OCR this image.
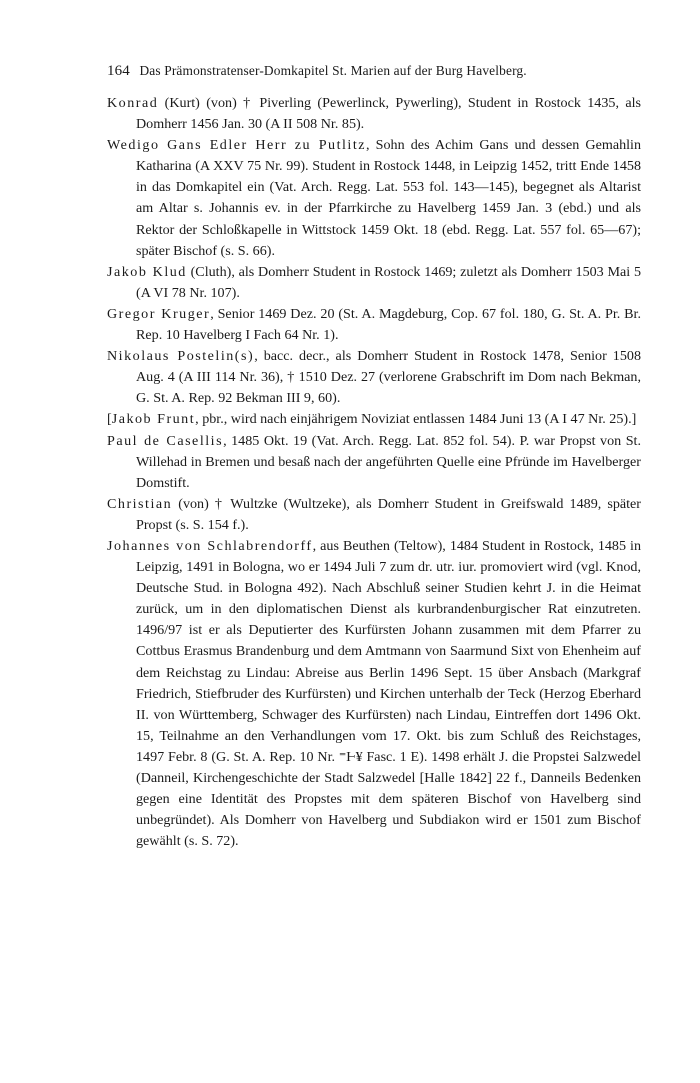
164 Das Prämonstratenser-Domkapitel St. Marien auf der Burg Havelberg.

Konrad (Kurt) (von) † Piverling (Pewerlinck, Pywerling), Student in Rostock 1435, als Domherr 1456 Jan. 30 (A II 508 Nr. 85).

Wedigo Gans Edler Herr zu Putlitz, Sohn des Achim Gans und dessen Gemahlin Katharina (A XXV 75 Nr. 99). Student in Rostock 1448, in Leipzig 1452, tritt Ende 1458 in das Domkapitel ein (Vat. Arch. Regg. Lat. 553 fol. 143—145), begegnet als Altarist am Altar s. Johannis ev. in der Pfarrkirche zu Havelberg 1459 Jan. 3 (ebd.) und als Rektor der Schloßkapelle in Wittstock 1459 Okt. 18 (ebd. Regg. Lat. 557 fol. 65—67); später Bischof (s. S. 66).

Jakob Klud (Cluth), als Domherr Student in Rostock 1469; zuletzt als Domherr 1503 Mai 5 (A VI 78 Nr. 107).

Gregor Kruger, Senior 1469 Dez. 20 (St. A. Magdeburg, Cop. 67 fol. 180, G. St. A. Pr. Br. Rep. 10 Havelberg I Fach 64 Nr. 1).

Nikolaus Postelin(s), bacc. decr., als Domherr Student in Rostock 1478, Senior 1508 Aug. 4 (A III 114 Nr. 36), † 1510 Dez. 27 (verlorene Grabschrift im Dom nach Bekman, G. St. A. Rep. 92 Bekman III 9, 60).

[Jakob Frunt, pbr., wird nach einjährigem Noviziat entlassen 1484 Juni 13 (A I 47 Nr. 25).]

Paul de Casellis, 1485 Okt. 19 (Vat. Arch. Regg. Lat. 852 fol. 54). P. war Propst von St. Willehad in Bremen und besaß nach der angeführten Quelle eine Pfründe im Havelberger Domstift.

Christian (von) † Wultzke (Wultzeke), als Domherr Student in Greifswald 1489, später Propst (s. S. 154 f.).

Johannes von Schlabrendorff, aus Beuthen (Teltow), 1484 Student in Rostock, 1485 in Leipzig, 1491 in Bologna, wo er 1494 Juli 7 zum dr. utr. iur. promoviert wird (vgl. Knod, Deutsche Stud. in Bologna 492). Nach Abschluß seiner Studien kehrt J. in die Heimat zurück, um in den diplomatischen Dienst als kurbrandenburgischer Rat einzutreten. 1496/97 ist er als Deputierter des Kurfürsten Johann zusammen mit dem Pfarrer zu Cottbus Erasmus Brandenburg und dem Amtmann von Saarmund Sixt von Ehenheim auf dem Reichstag zu Lindau: Abreise aus Berlin 1496 Sept. 15 über Ansbach (Markgraf Friedrich, Stiefbruder des Kurfürsten) und Kirchen unterhalb der Teck (Herzog Eberhard II. von Württemberg, Schwager des Kurfürsten) nach Lindau, Eintreffen dort 1496 Okt. 15, Teilnahme an den Verhandlungen vom 17. Okt. bis zum Schluß des Reichstages, 1497 Febr. 8 (G. St. A. Rep. 10 Nr. ⁼Ⱶ¥ Fasc. 1 E). 1498 erhält J. die Propstei Salzwedel (Danneil, Kirchengeschichte der Stadt Salzwedel [Halle 1842] 22 f., Danneils Bedenken gegen eine Identität des Propstes mit dem späteren Bischof von Havelberg sind unbegründet). Als Domherr von Havelberg und Subdiakon wird er 1501 zum Bischof gewählt (s. S. 72).
